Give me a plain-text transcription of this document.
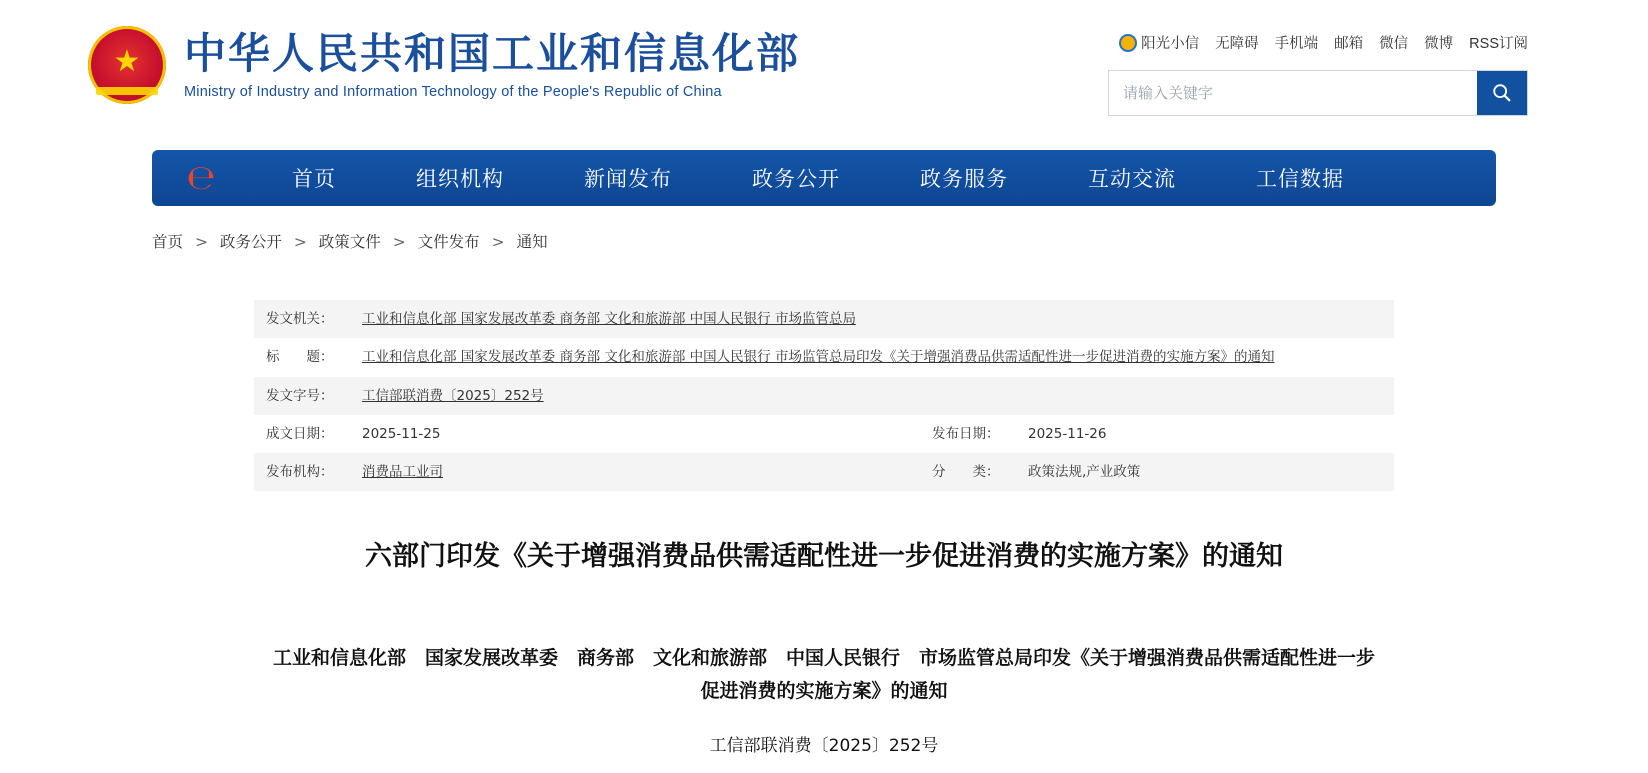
★
中华人民共和国工业和信息化部
Ministry of Industry and Information Technology of the People's Republic of China
阳光小信 无障碍 手机端 邮箱 微信 微博 RSS订阅
请输入关键字
℮	首页	组织机构	新闻发布	政务公开	政务服务	互动交流	工信数据
首页 > 政务公开 > 政策文件 > 文件发布 > 通知
发文机关：	工业和信息化部 国家发展改革委 商务部 文化和旅游部 中国人民银行 市场监管总局		
标　　题：	工业和信息化部 国家发展改革委 商务部 文化和旅游部 中国人民银行 市场监管总局印发《关于增强消费品供需适配性进一步促进消费的实施方案》的通知		
发文字号：	工信部联消费〔2025〕252号		
成文日期：	2025-11-25	发布日期：	2025-11-26
发布机构：	消费品工业司	分　　类：	政策法规,产业政策
六部门印发《关于增强消费品供需适配性进一步促进消费的实施方案》的通知
工业和信息化部　国家发展改革委　商务部　文化和旅游部　中国人民银行　市场监管总局印发《关于增强消费品供需适配性进一步促进消费的实施方案》的通知
工信部联消费〔2025〕252号
